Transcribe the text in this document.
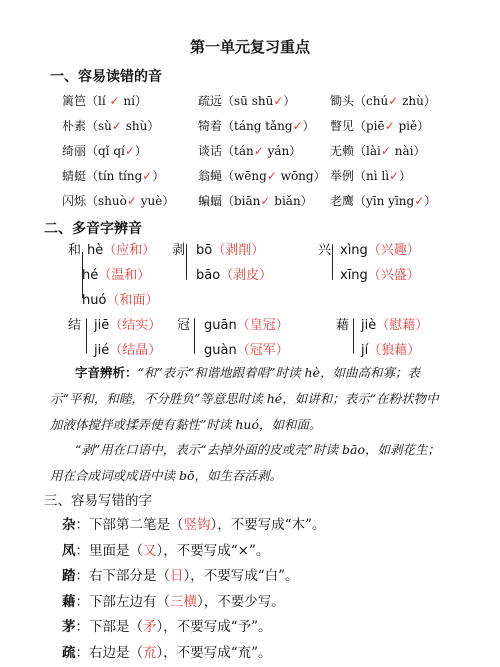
第一单元复习重点
一、容易读错的音
篱笆（lí ✓ ní）	疏远（sū shū✓）	锄头（chú✓ zhù）
朴素（sù✓ shù）	犄着（táng tǎng✓） 瞥见（piē✓ piě）
绮丽（qǐ qí✓）	谈话（tán✓ yán） 无赖（lài✓ nài）
蜻蜓（tín tíng✓）	翁蝇（wēng✓ wōng） 举例（nì lì✓）
闪烁（shuò✓ yuè） 蝙蝠（biān✓ biǎn） 老鹰（yīn yīng✓）
二、多音字辨音
和 hè（应和）
hé（温和）
huó（和面）
剥 bō（剥削）
bāo（剥皮）
兴 xìng（兴趣）
xīng（兴盛）
结 jiē（结实）
jié（结晶）
冠 guān（皇冠）
guàn（冠军）
藉 jiè（慰藉）
jí（狼藉）
字音辨析：“和”表示“和谐地跟着唱”时读 hè，如曲高和寡；表示“平和，和睦，不分胜负”等意思时读 hé，如讲和；表示“在粉状物中加液体搅拌或揉弄使有黏性”时读 huó，如和面。
“剥”用在口语中，表示“去掉外面的皮或壳”时读 bāo，如剥花生；用在合成词或成语中读 bō，如生吞活剥。
三、容易写错的字
杂：下部第二笔是（竖钩），不要写成“木”。
凤：里面是（又），不要写成“×”。
踏：右下部分是（日），不要写成“白”。
藉：下部左边有（三横），不要少写。
茅：下部是（矛），不要写成“予”。
疏：右边是（㐬），不要写成“㐬”。
